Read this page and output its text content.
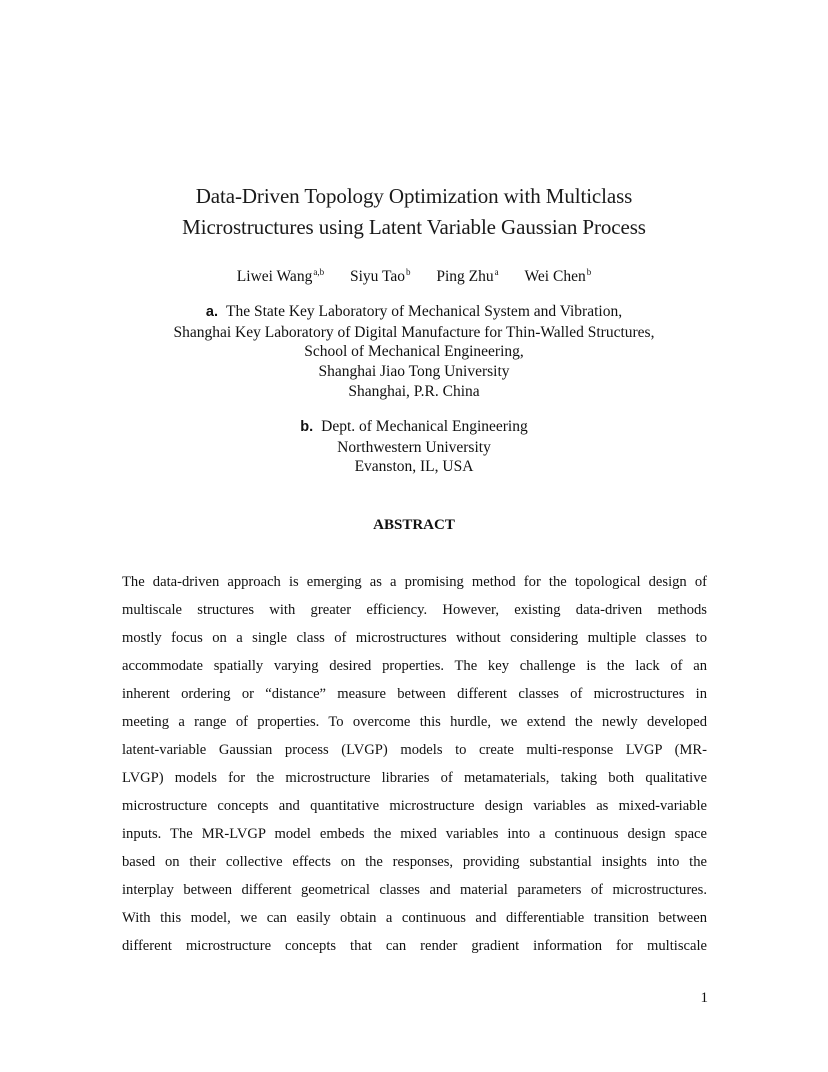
Data-Driven Topology Optimization with Multiclass
Microstructures using Latent Variable Gaussian Process
Liwei Wang$^{a,b}$ Siyu Tao$^b$ Ping Zhu$^a$ Wei Chen$^b$
a. The State Key Laboratory of Mechanical System and Vibration,
Shanghai Key Laboratory of Digital Manufacture for Thin-Walled Structures,
School of Mechanical Engineering,
Shanghai Jiao Tong University
Shanghai, P.R. China
b. Dept. of Mechanical Engineering
Northwestern University
Evanston, IL, USA
ABSTRACT
The data-driven approach is emerging as a promising method for the topological design of
multiscale structures with greater efficiency. However, existing data-driven methods
mostly focus on a single class of microstructures without considering multiple classes to
accommodate spatially varying desired properties. The key challenge is the lack of an
inherent ordering or “distance” measure between different classes of microstructures in
meeting a range of properties. To overcome this hurdle, we extend the newly developed
latent-variable Gaussian process (LVGP) models to create multi-response LVGP (MR-
LVGP) models for the microstructure libraries of metamaterials, taking both qualitative
microstructure concepts and quantitative microstructure design variables as mixed-variable
inputs. The MR-LVGP model embeds the mixed variables into a continuous design space
based on their collective effects on the responses, providing substantial insights into the
interplay between different geometrical classes and material parameters of microstructures.
With this model, we can easily obtain a continuous and differentiable transition between
different microstructure concepts that can render gradient information for multiscale
1
